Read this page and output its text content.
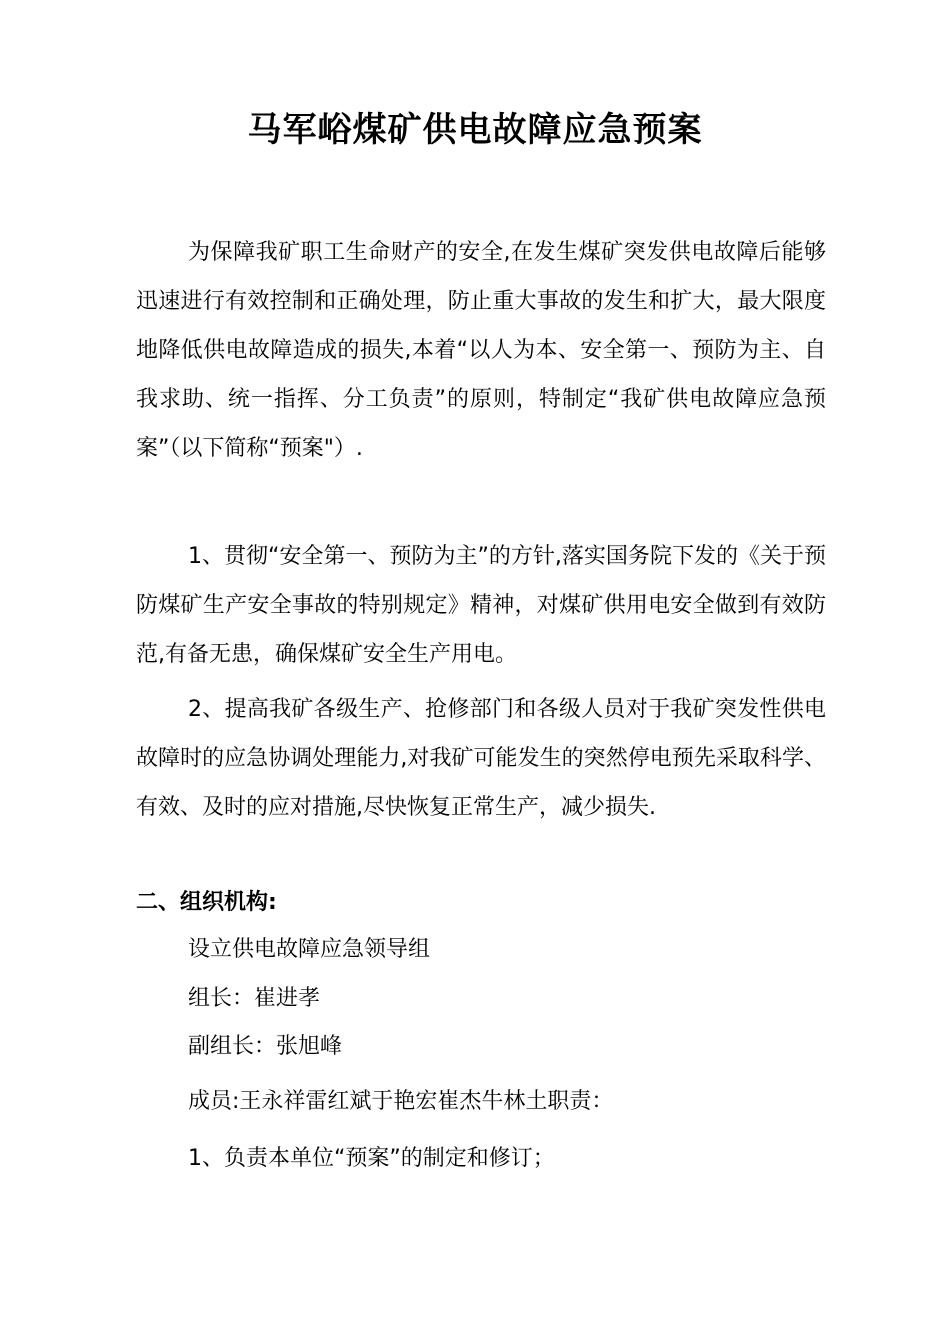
马军峪煤矿供电故障应急预案

为保障我矿职工生命财产的安全,在发生煤矿突发供电故障后能够迅速进行有效控制和正确处理，防止重大事故的发生和扩大，最大限度地降低供电故障造成的损失,本着“以人为本、安全第一、预防为主、自我求助、统一指挥、分工负责”的原则，特制定“我矿供电故障应急预案”（以下简称“预案"）.

1、贯彻“安全第一、预防为主”的方针,落实国务院下发的《关于预防煤矿生产安全事故的特别规定》精神，对煤矿供用电安全做到有效防范,有备无患，确保煤矿安全生产用电。

2、提高我矿各级生产、抢修部门和各级人员对于我矿突发性供电故障时的应急协调处理能力,对我矿可能发生的突然停电预先采取科学、有效、及时的应对措施,尽快恢复正常生产，减少损失.

二、组织机构:

设立供电故障应急领导组

组长：崔进孝

副组长：张旭峰

成员:王永祥雷红斌于艳宏崔杰牛林土职责：

1、负责本单位“预案”的制定和修订；
